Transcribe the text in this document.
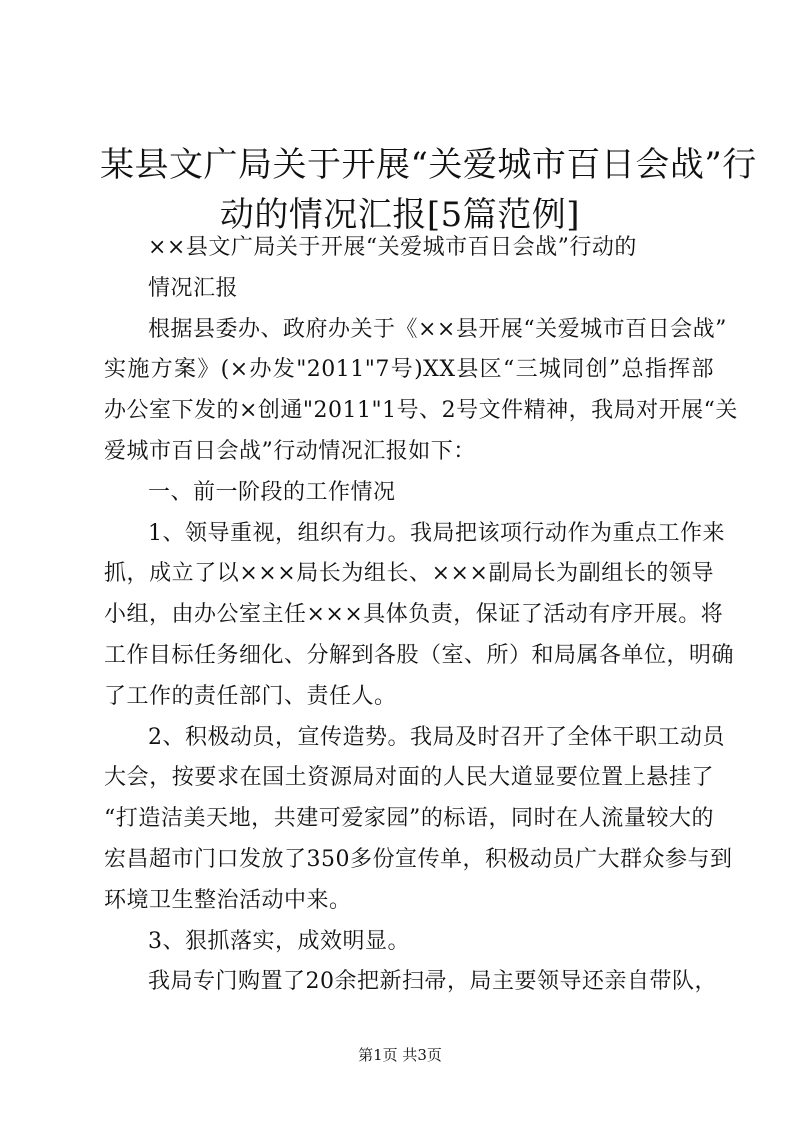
某县文广局关于开展“关爱城市百日会战”行
动的情况汇报[5篇范例]
××县文广局关于开展“关爱城市百日会战”行动的
情况汇报
根据县委办、政府办关于《××县开展“关爱城市百日会战”
实施方案》(×办发"2011"7号)XX县区“三城同创”总指挥部
办公室下发的×创通"2011"1号、2号文件精神，我局对开展“关
爱城市百日会战”行动情况汇报如下：
一、前一阶段的工作情况
1、领导重视，组织有力。我局把该项行动作为重点工作来
抓，成立了以×××局长为组长、×××副局长为副组长的领导
小组，由办公室主任×××具体负责，保证了活动有序开展。将
工作目标任务细化、分解到各股（室、所）和局属各单位，明确
了工作的责任部门、责任人。
2、积极动员，宣传造势。我局及时召开了全体干职工动员
大会，按要求在国土资源局对面的人民大道显要位置上悬挂了
“打造洁美天地，共建可爱家园”的标语，同时在人流量较大的
宏昌超市门口发放了350多份宣传单，积极动员广大群众参与到
环境卫生整治活动中来。
3、狠抓落实，成效明显。
我局专门购置了20余把新扫帚，局主要领导还亲自带队，
第1页 共3页
